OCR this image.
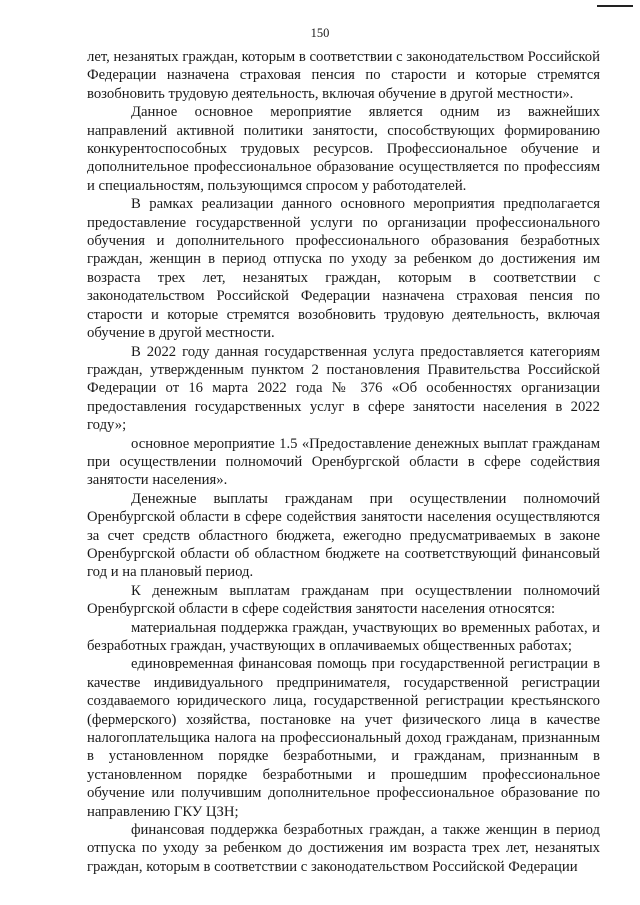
150

лет, незанятых граждан, которым в соответствии с законодательством Российской Федерации назначена страховая пенсия по старости и которые стремятся возобновить трудовую деятельность, включая обучение в другой местности».

Данное основное мероприятие является одним из важнейших направлений активной политики занятости, способствующих формированию конкурентоспособных трудовых ресурсов. Профессиональное обучение и дополнительное профессиональное образование осуществляется по профессиям и специальностям, пользующимся спросом у работодателей.

В рамках реализации данного основного мероприятия предполагается предоставление государственной услуги по организации профессионального обучения и дополнительного профессионального образования безработных граждан, женщин в период отпуска по уходу за ребенком до достижения им возраста трех лет, незанятых граждан, которым в соответствии с законодательством Российской Федерации назначена страховая пенсия по старости и которые стремятся возобновить трудовую деятельность, включая обучение в другой местности.

В 2022 году данная государственная услуга предоставляется категориям граждан, утвержденным пунктом 2 постановления Правительства Российской Федерации от 16 марта 2022 года № 376 «Об особенностях организации предоставления государственных услуг в сфере занятости населения в 2022 году»;

основное мероприятие 1.5 «Предоставление денежных выплат гражданам при осуществлении полномочий Оренбургской области в сфере содействия занятости населения».

Денежные выплаты гражданам при осуществлении полномочий Оренбургской области в сфере содействия занятости населения осуществляются за счет средств областного бюджета, ежегодно предусматриваемых в законе Оренбургской области об областном бюджете на соответствующий финансовый год и на плановый период.

К денежным выплатам гражданам при осуществлении полномочий Оренбургской области в сфере содействия занятости населения относятся:

материальная поддержка граждан, участвующих во временных работах, и безработных граждан, участвующих в оплачиваемых общественных работах;

единовременная финансовая помощь при государственной регистрации в качестве индивидуального предпринимателя, государственной регистрации создаваемого юридического лица, государственной регистрации крестьянского (фермерского) хозяйства, постановке на учет физического лица в качестве налогоплательщика налога на профессиональный доход гражданам, признанным в установленном порядке безработными, и гражданам, признанным в установленном порядке безработными и прошедшим профессиональное обучение или получившим дополнительное профессиональное образование по направлению ГКУ ЦЗН;

финансовая поддержка безработных граждан, а также женщин в период отпуска по уходу за ребенком до достижения им возраста трех лет, незанятых граждан, которым в соответствии с законодательством Российской Федерации
